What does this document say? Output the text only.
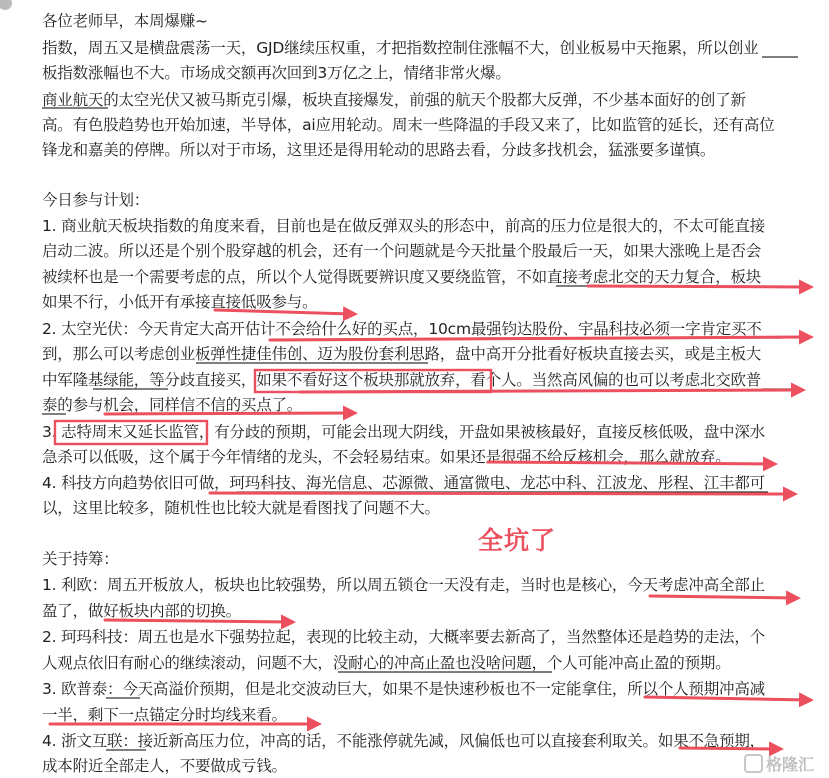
各位老师早，本周爆赚~
指数，周五又是横盘震荡一天，GJD继续压权重，才把指数控制住涨幅不大，创业板易中天拖累，所以创业
板指数涨幅也不大。市场成交额再次回到3万亿之上，情绪非常火爆。
商业航天的太空光伏又被马斯克引爆，板块直接爆发，前强的航天个股都大反弹，不少基本面好的创了新
高。有色股趋势也开始加速，半导体，ai应用轮动。周末一些降温的手段又来了，比如监管的延长，还有高位
锋龙和嘉美的停牌。所以对于市场，这里还是得用轮动的思路去看，分歧多找机会，猛涨要多谨慎。
今日参与计划：
1. 商业航天板块指数的角度来看，目前也是在做反弹双头的形态中，前高的压力位是很大的，不太可能直接
启动二波。所以还是个别个股穿越的机会，还有一个问题就是今天批量个股最后一天，如果大涨晚上是否会
被续杯也是一个需要考虑的点，所以个人觉得既要辨识度又要绕监管，不如直接考虑北交的天力复合，板块
如果不行，小低开有承接直接低吸参与。
2. 太空光伏：今天肯定大高开估计不会给什么好的买点，10cm最强钧达股份、宇晶科技必须一字肯定买不
到，那么可以考虑创业板弹性捷佳伟创、迈为股份套利思路，盘中高开分批看好板块直接去买，或是主板大
中军隆基绿能，等分歧直接买，如果不看好这个板块那就放弃，看个人。当然高风偏的也可以考虑北交欧普
泰的参与机会，同样信不信的买点了。
3. 志特周末又延长监管，有分歧的预期，可能会出现大阴线，开盘如果被核最好，直接反核低吸，盘中深水
急杀可以低吸，这个属于今年情绪的龙头，不会轻易结束。如果还是很强不给反核机会，那么就放弃。
4. 科技方向趋势依旧可做，珂玛科技、海光信息、芯源微、通富微电、龙芯中科、江波龙、彤程、江丰都可
以，这里比较多，随机性也比较大就是看图找了问题不大。
关于持筹：
1. 利欧：周五开板放人，板块也比较强势，所以周五锁仓一天没有走，当时也是核心，今天考虑冲高全部止
盈了，做好板块内部的切换。
2. 珂玛科技：周五也是水下强势拉起，表现的比较主动，大概率要去新高了，当然整体还是趋势的走法，个
人观点依旧有耐心的继续滚动，问题不大，没耐心的冲高止盈也没啥问题，个人可能冲高止盈的预期。
3. 欧普泰：今天高溢价预期，但是北交波动巨大，如果不是快速秒板也不一定能拿住，所以个人预期冲高减
一半，剩下一点锚定分时均线来看。
4. 浙文互联：接近新高压力位，冲高的话，不能涨停就先减，风偏低也可以直接套利取关。如果不急预期，
成本附近全部走人，不要做成亏钱。
全坑了
格隆汇
